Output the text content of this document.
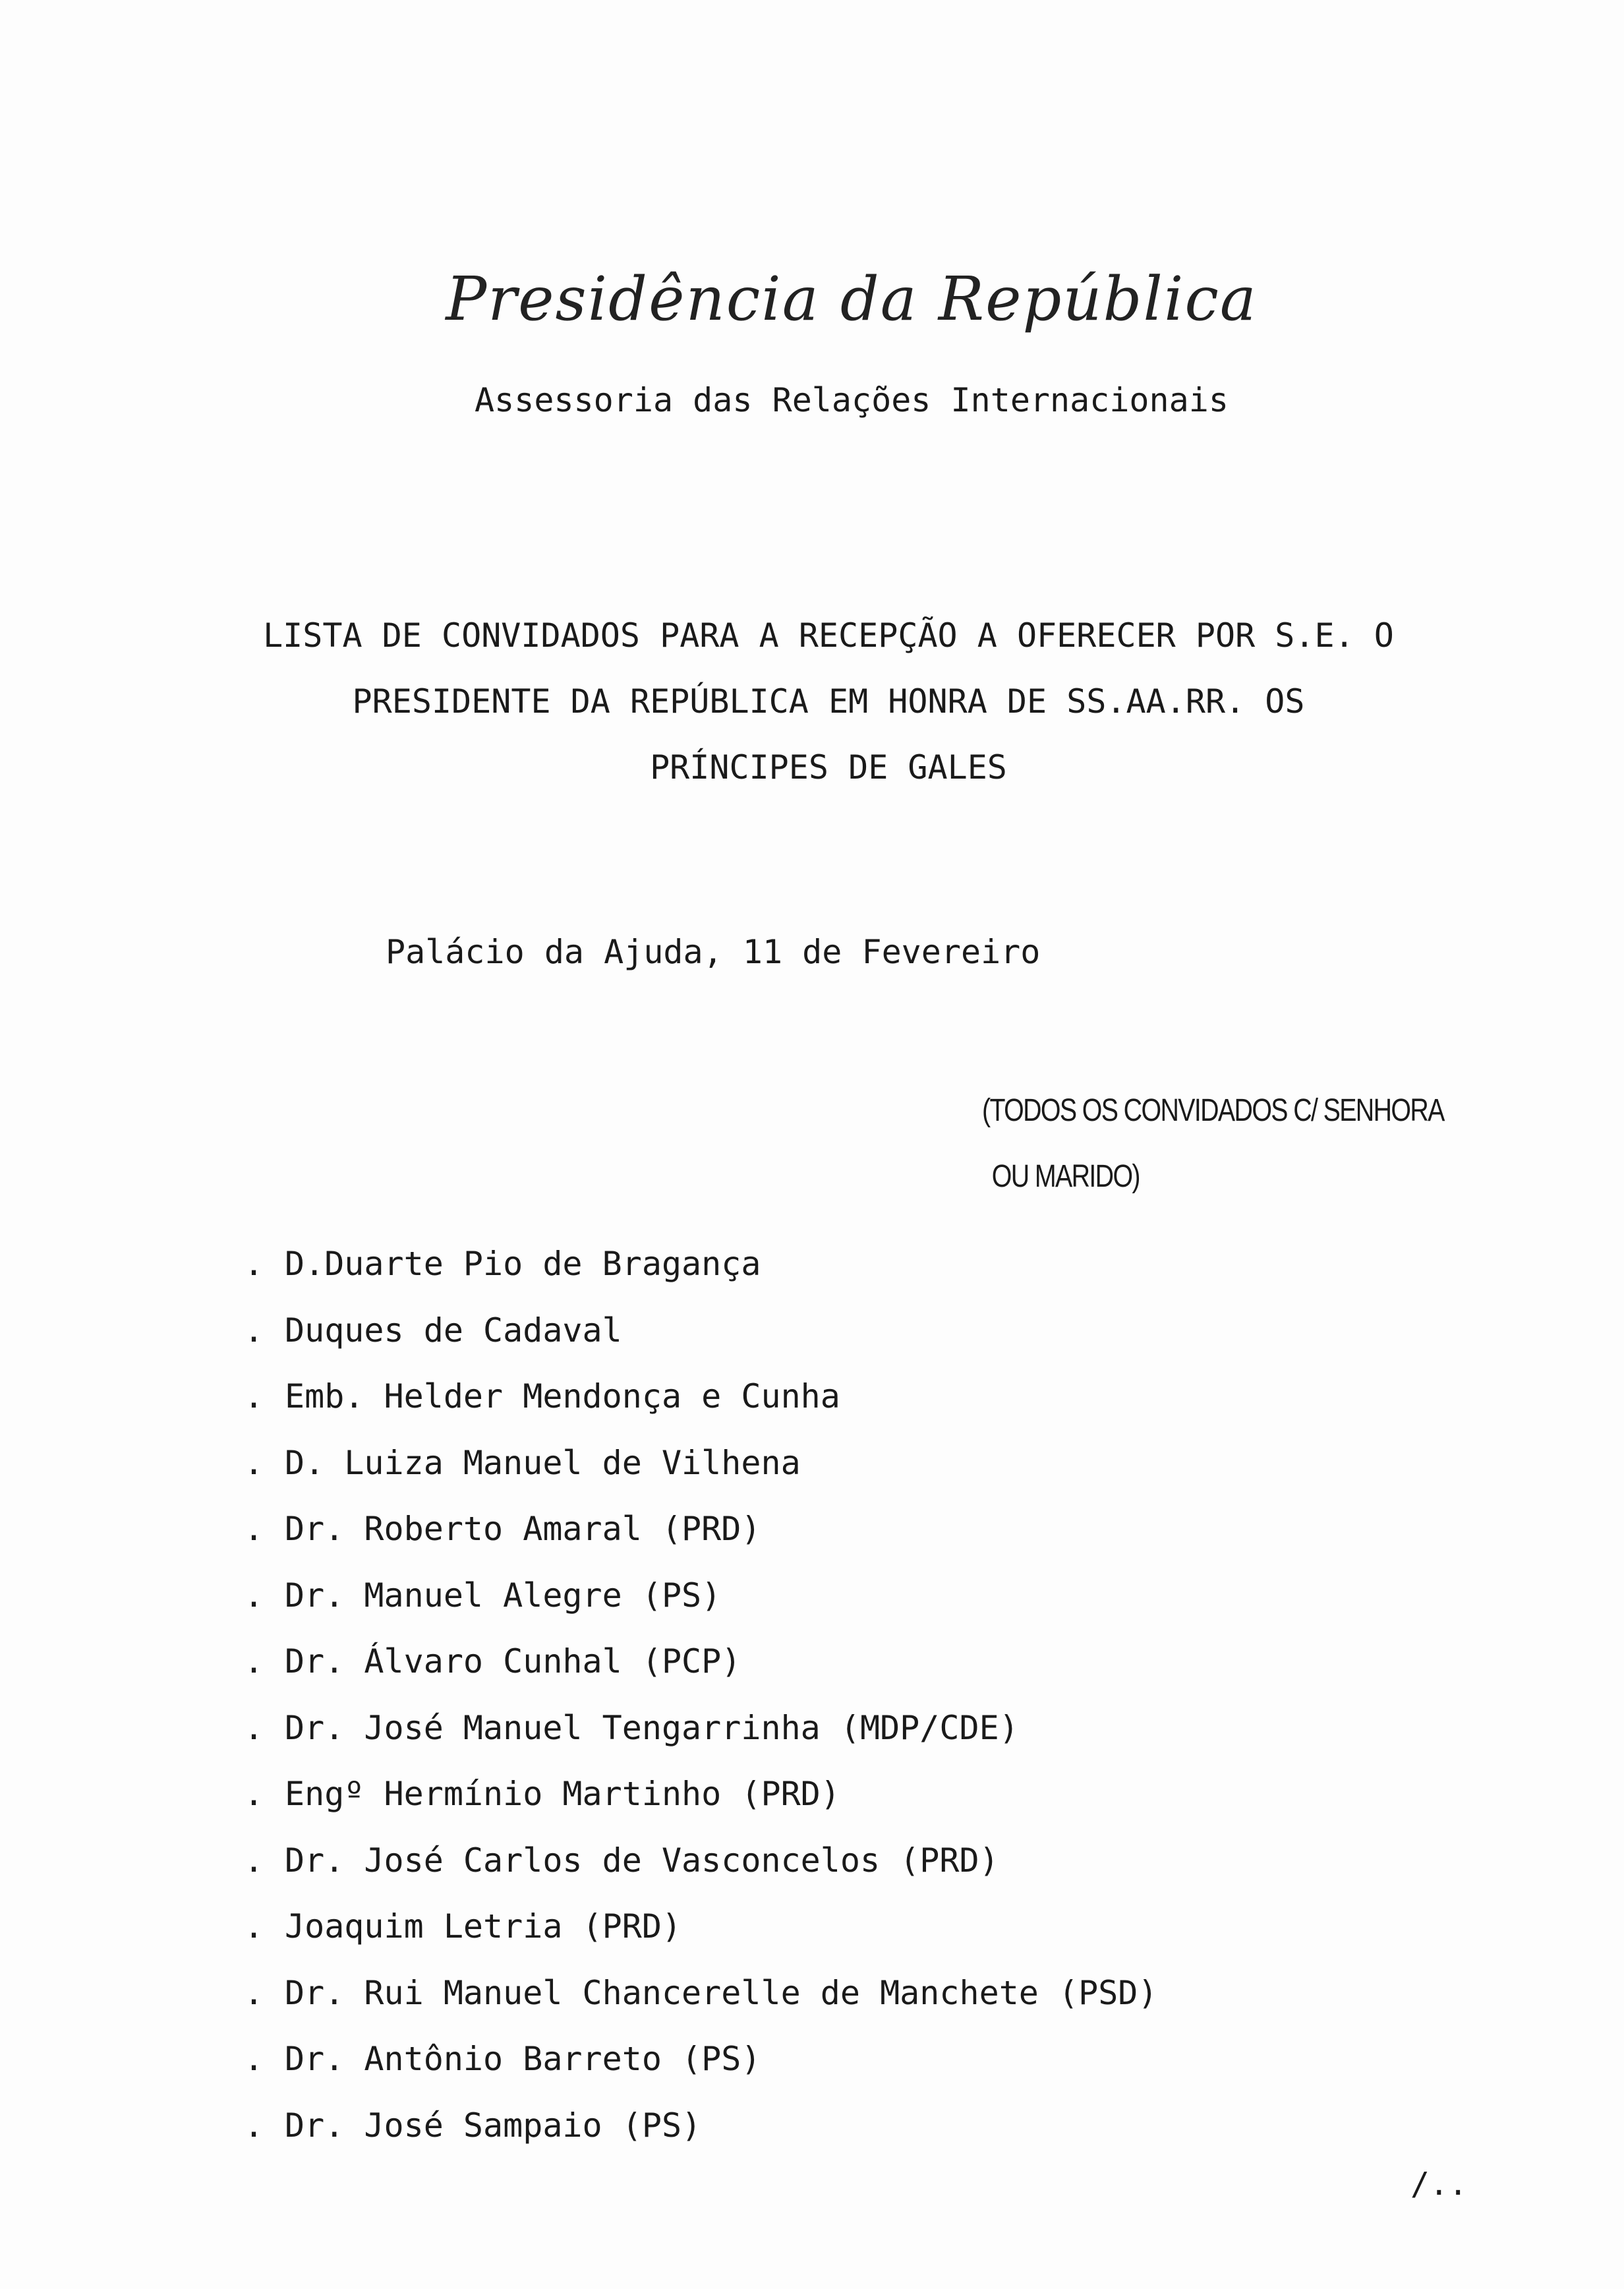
Presidência da República
Assessoria das Relações Internacionais
LISTA DE CONVIDADOS PARA A RECEPÇÃO A OFERECER POR S.E. O
PRESIDENTE DA REPÚBLICA EM HONRA DE SS.AA.RR. OS
PRÍNCIPES DE GALES
Palácio da Ajuda, 11 de Fevereiro
(TODOS OS CONVIDADOS C/ SENHORA
OU MARIDO)
. D.Duarte Pio de Bragança
. Duques de Cadaval
. Emb. Helder Mendonça e Cunha
. D. Luiza Manuel de Vilhena
. Dr. Roberto Amaral (PRD)
. Dr. Manuel Alegre (PS)
. Dr. Álvaro Cunhal (PCP)
. Dr. José Manuel Tengarrinha (MDP/CDE)
. Engº Hermínio Martinho (PRD)
. Dr. José Carlos de Vasconcelos (PRD)
. Joaquim Letria (PRD)
. Dr. Rui Manuel Chancerelle de Manchete (PSD)
. Dr. Antônio Barreto (PS)
. Dr. José Sampaio (PS)
/..
